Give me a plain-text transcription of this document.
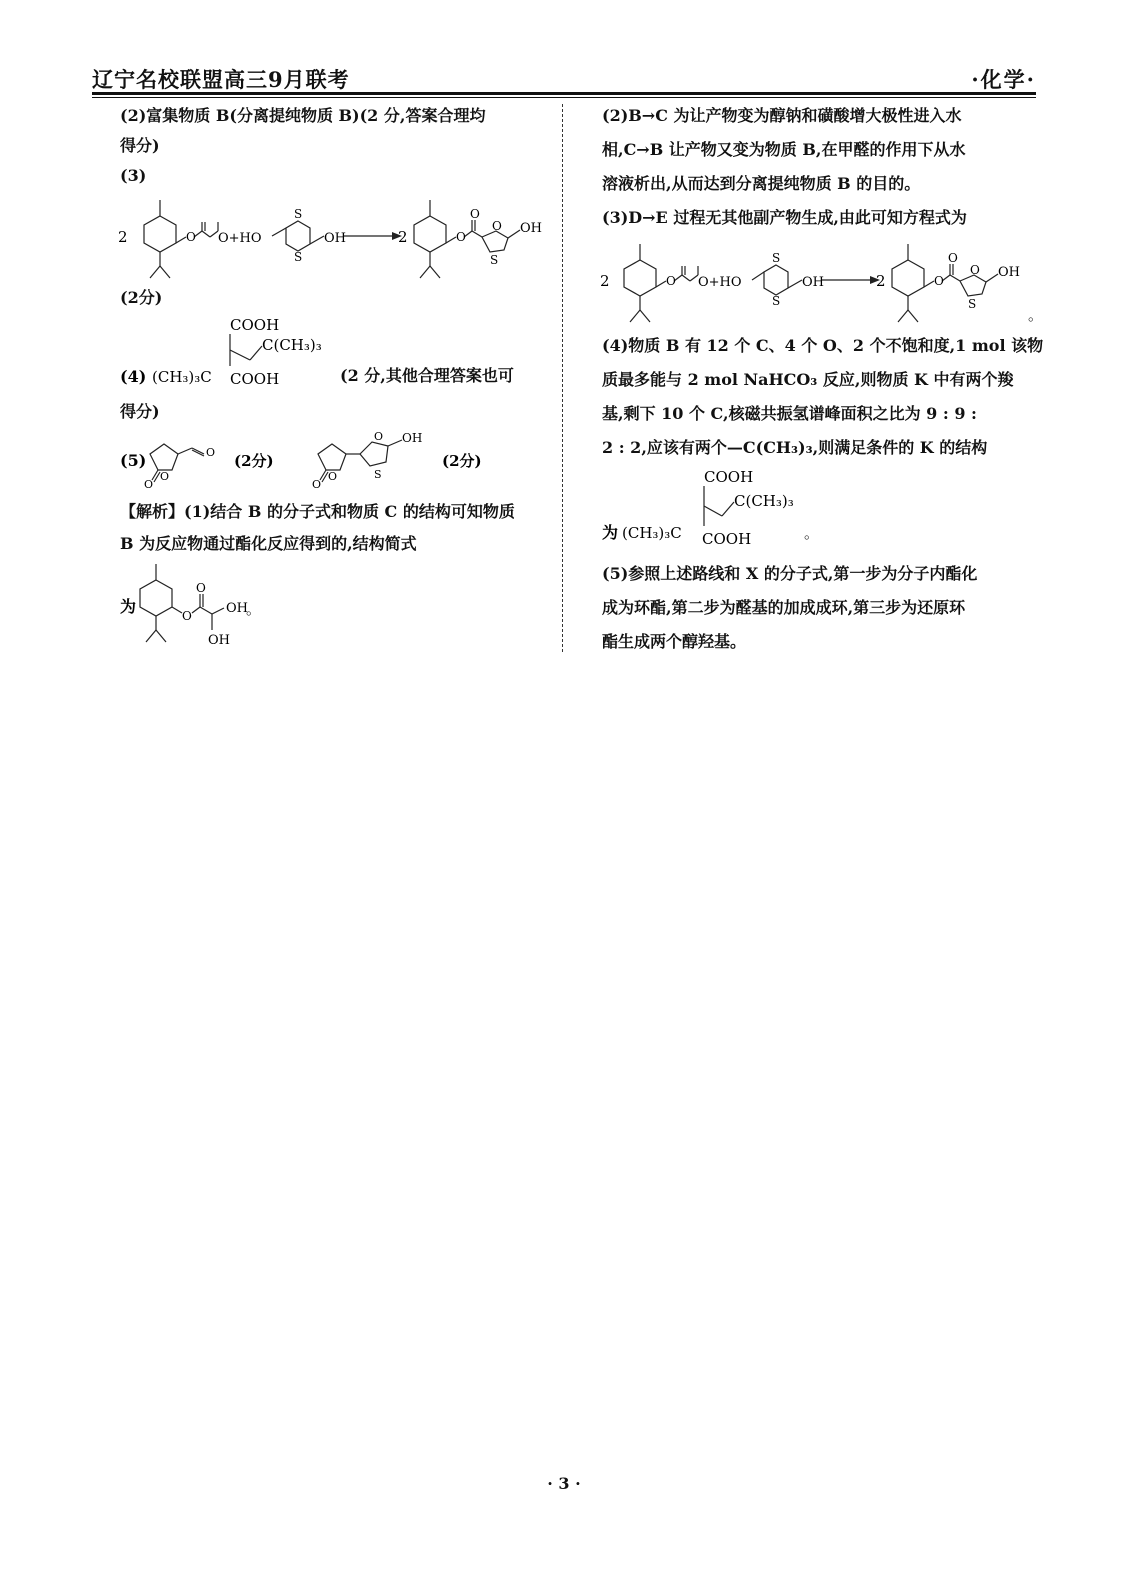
辽宁名校联盟高三9月联考	·化学·
(2)富集物质 B(分离提纯物质 B)(2 分,答案合理均
得分)
(3)
2	O O+HO
S
S
OH	2	O
O
O
S
OH
(2分)
(4)
COOH
C(CH₃)₃
(CH₃)₃C COOH	(2 分,其他合理答案也可
得分)
(5)
O
O
O (2分)
O
O
O
S
OH
(2分)
【解析】(1)结合 B 的分子式和物质 C 的结构可知物质
B 为反应物通过酯化反应得到的,结构简式
为	O
O
OH
OH
。
(2)B→C 为让产物变为醇钠和磺酸增大极性进入水
相,C→B 让产物又变为物质 B,在甲醛的作用下从水
溶液析出,从而达到分离提纯物质 B 的目的。
(3)D→E 过程无其他副产物生成,由此可知方程式为
2	O O+HO
S
S
OH	2	O
O
O
S
OH
。
(4)物质 B 有 12 个 C、4 个 O、2 个不饱和度,1 mol 该物
质最多能与 2 mol NaHCO₃ 反应,则物质 K 中有两个羧
基,剩下 10 个 C,核磁共振氢谱峰面积之比为 9 : 9 :
2 : 2,应该有两个—C(CH₃)₃,则满足条件的 K 的结构
为
COOH
C(CH₃)₃
(CH₃)₃C COOH	。
(5)参照上述路线和 X 的分子式,第一步为分子内酯化
成为环酯,第二步为醛基的加成成环,第三步为还原环
酯生成两个醇羟基。
· 3 ·
